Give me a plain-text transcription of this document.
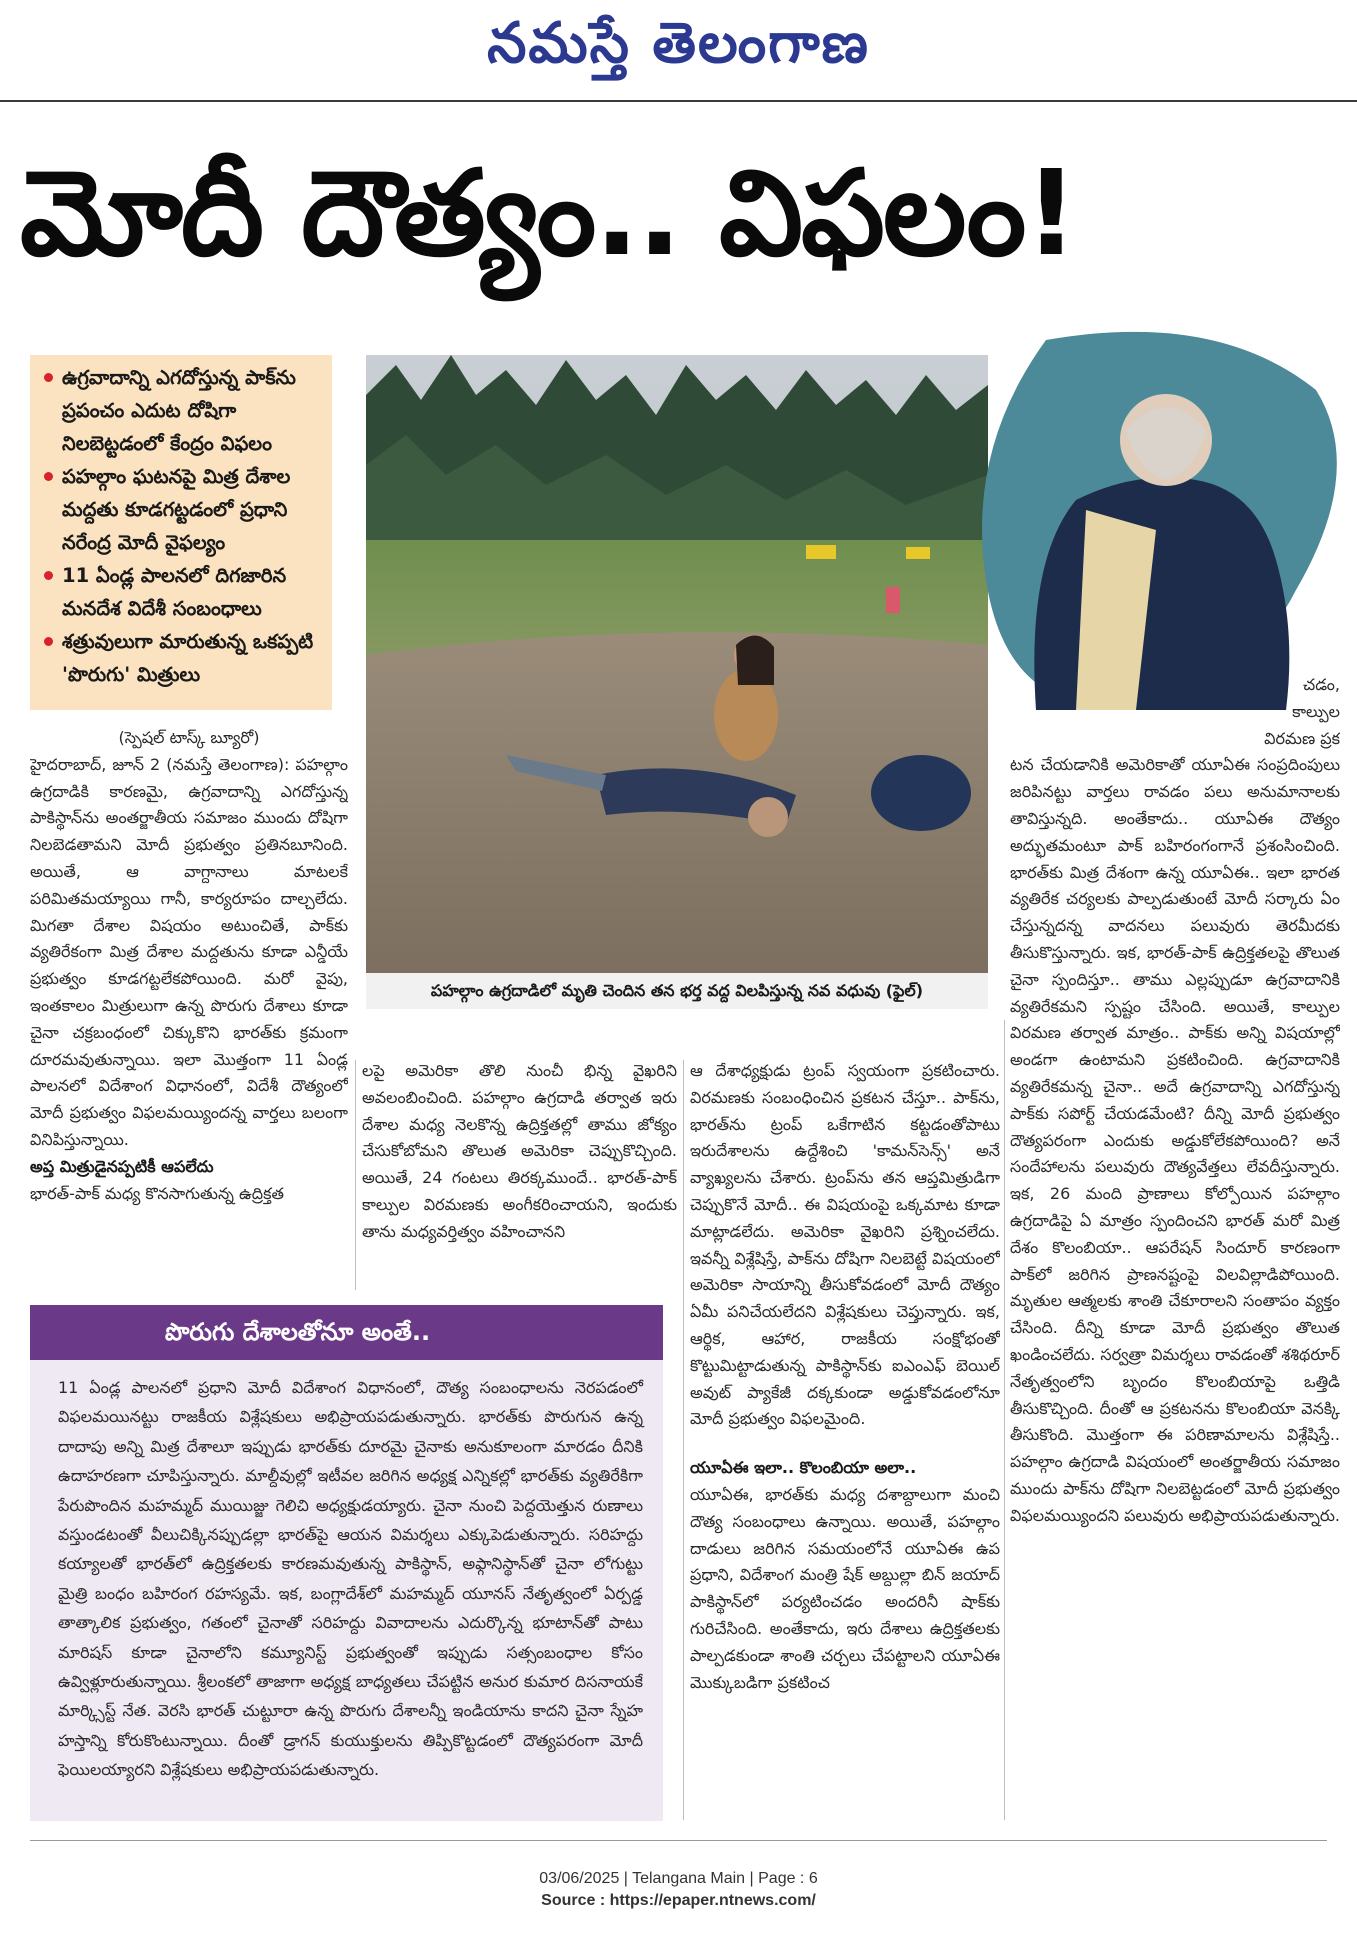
నమస్తే తెలంగాణ
మోదీ దౌత్యం.. విఫలం!
ఉగ్రవాదాన్ని ఎగదోస్తున్న పాక్‌ను ప్రపంచం ఎదుట దోషిగా నిలబెట్టడంలో కేంద్రం విఫలం
పహల్గాం ఘటనపై మిత్ర దేశాల మద్దతు కూడగట్టడంలో ప్రధాని నరేంద్ర మోదీ వైఫల్యం
11 ఏండ్ల పాలనలో దిగజారిన మనదేశ విదేశీ సంబంధాలు
శత్రువులుగా మారుతున్న ఒకప్పటి 'పొరుగు' మిత్రులు
పహల్గాం ఉగ్రదాడిలో మృతి చెందిన తన భర్త వద్ద విలపిస్తున్న నవ వధువు (ఫైల్)

(స్పెషల్ టాస్క్ బ్యూరో)

హైదరాబాద్, జూన్ 2 (నమస్తే తెలంగాణ): పహల్గాం ఉగ్రదాడికి కారణమై, ఉగ్రవాదాన్ని ఎగదోస్తున్న పాకిస్థాన్‌ను అంతర్జాతీయ సమాజం ముందు దోషిగా నిలబెడతామని మోదీ ప్రభుత్వం ప్రతినబూనింది. అయితే, ఆ వాగ్దానాలు మాటలకే పరిమితమయ్యాయి గానీ, కార్యరూపం దాల్చలేదు. మిగతా దేశాల విషయం అటుంచితే, పాక్‌కు వ్యతిరేకంగా మిత్ర దేశాల మద్దతును కూడా ఎన్డీయే ప్రభుత్వం కూడగట్టలేకపోయింది. మరో వైపు, ఇంతకాలం మిత్రులుగా ఉన్న పొరుగు దేశాలు కూడా చైనా చక్రబంధంలో చిక్కుకొని భారత్‌కు క్రమంగా దూరమవుతున్నాయి. ఇలా మొత్తంగా 11 ఏండ్ల పాలనలో విదేశాంగ విధానంలో, విదేశీ దౌత్యంలో మోదీ ప్రభుత్వం విఫలమయ్యిందన్న వార్తలు బలంగా వినిపిస్తున్నాయి.

అప్త మిత్రుడైనప్పటికీ ఆపలేదు

భారత్-పాక్ మధ్య కొనసాగుతున్న ఉద్రిక్తత

లపై అమెరికా తొలి నుంచీ భిన్న వైఖరిని అవలంబించింది. పహల్గాం ఉగ్రదాడి తర్వాత ఇరు దేశాల మధ్య నెలకొన్న ఉద్రిక్తతల్లో తాము జోక్యం చేసుకోబోమని తొలుత అమెరికా చెప్పుకొచ్చింది. అయితే, 24 గంటలు తిరక్కముందే.. భారత్-పాక్ కాల్పుల విరమణకు అంగీకరించాయని, ఇందుకు తాను మధ్యవర్తిత్వం వహించానని

ఆ దేశాధ్యక్షుడు ట్రంప్ స్వయంగా ప్రకటించారు. విరమణకు సంబంధించిన ప్రకటన చేస్తూ.. పాక్‌ను, భారత్‌ను ట్రంప్ ఒకేగాటిన కట్టడంతోపాటు ఇరుదేశాలను ఉద్దేశించి 'కామన్‌సెన్స్' అనే వ్యాఖ్యలను చేశారు. ట్రంప్‌ను తన ఆప్తమిత్రుడిగా చెప్పుకొనే మోదీ.. ఈ విషయంపై ఒక్కమాట కూడా మాట్లాడలేదు. అమెరికా వైఖరిని ప్రశ్నించలేదు. ఇవన్నీ విశ్లేషిస్తే, పాక్‌ను దోషిగా నిలబెట్టే విషయంలో అమెరికా సాయాన్ని తీసుకోవడంలో మోదీ దౌత్యం ఏమీ పనిచేయలేదని విశ్లేషకులు చెప్తున్నారు. ఇక, ఆర్థిక, ఆహార, రాజకీయ సంక్షోభంతో కొట్టుమిట్టాడుతున్న పాకిస్థాన్‌కు ఐఎంఎఫ్ బెయిల్ అవుట్ ప్యాకేజీ దక్కకుండా అడ్డుకోవడంలోనూ మోదీ ప్రభుత్వం విఫలమైంది.

యూఏఈ ఇలా.. కొలంబియా అలా..

యూఏఈ, భారత్‌కు మధ్య దశాబ్దాలుగా మంచి దౌత్య సంబంధాలు ఉన్నాయి. అయితే, పహల్గాం దాడులు జరిగిన సమయంలోనే యూఏఈ ఉప ప్రధాని, విదేశాంగ మంత్రి షేక్ అబ్దుల్లా బిన్ జయాద్ పాకిస్థాన్‌లో పర్యటించడం అందరినీ షాక్‌కు గురిచేసింది. అంతేకాదు, ఇరు దేశాలు ఉద్రిక్తతలకు పాల్పడకుండా శాంతి చర్చలు చేపట్టాలని యూఏఈ మొక్కుబడిగా ప్రకటించ

చడం,

కాల్పుల

విరమణ ప్రక

టన చేయడానికి అమెరికాతో యూఏఈ సంప్రదింపులు జరిపినట్టు వార్తలు రావడం పలు అనుమానాలకు తావిస్తున్నది. అంతేకాదు.. యూఏఈ దౌత్యం అద్భుతమంటూ పాక్ బహిరంగంగానే ప్రశంసించింది. భారత్‌కు మిత్ర దేశంగా ఉన్న యూఏఈ.. ఇలా భారత వ్యతిరేక చర్యలకు పాల్పడుతుంటే మోదీ సర్కారు ఏం చేస్తున్నదన్న వాదనలు పలువురు తెరమీదకు తీసుకొస్తున్నారు. ఇక, భారత్-పాక్ ఉద్రిక్తతలపై తొలుత చైనా స్పందిస్తూ.. తాము ఎల్లప్పుడూ ఉగ్రవాదానికి వ్యతిరేకమని స్పష్టం చేసింది. అయితే, కాల్పుల విరమణ తర్వాత మాత్రం.. పాక్‌కు అన్ని విషయాల్లో అండగా ఉంటామని ప్రకటించింది. ఉగ్రవాదానికి వ్యతిరేకమన్న చైనా.. అదే ఉగ్రవాదాన్ని ఎగదోస్తున్న పాక్‌కు సపోర్ట్ చేయడమేంటి? దీన్ని మోదీ ప్రభుత్వం దౌత్యపరంగా ఎందుకు అడ్డుకోలేకపోయింది? అనే సందేహాలను పలువురు దౌత్యవేత్తలు లేవదీస్తున్నారు. ఇక, 26 మంది ప్రాణాలు కోల్పోయిన పహల్గాం ఉగ్రదాడిపై ఏ మాత్రం స్పందించని భారత్ మరో మిత్ర దేశం కొలంబియా.. ఆపరేషన్ సిందూర్ కారణంగా పాక్‌లో జరిగిన ప్రాణనష్టంపై విలవిల్లాడిపోయింది. మృతుల ఆత్మలకు శాంతి చేకూరాలని సంతాపం వ్యక్తం చేసింది. దీన్ని కూడా మోదీ ప్రభుత్వం తొలుత ఖండించలేదు. సర్వత్రా విమర్శలు రావడంతో శశిథరూర్ నేతృత్వంలోని బృందం కొలంబియాపై ఒత్తిడి తీసుకొచ్చింది. దీంతో ఆ ప్రకటనను కొలంబియా వెనక్కి తీసుకొంది. మొత్తంగా ఈ పరిణామాలను విశ్లేషిస్తే.. పహల్గాం ఉగ్రదాడి విషయంలో అంతర్జాతీయ సమాజం ముందు పాక్‌ను దోషిగా నిలబెట్టడంలో మోదీ ప్రభుత్వం విఫలమయ్యిందని పలువురు అభిప్రాయపడుతున్నారు.

పొరుగు దేశాలతోనూ అంతే..
11 ఏండ్ల పాలనలో ప్రధాని మోదీ విదేశాంగ విధానంలో, దౌత్య సంబంధాలను నెరపడంలో విఫలమయినట్టు రాజకీయ విశ్లేషకులు అభిప్రాయపడుతున్నారు. భారత్‌కు పొరుగున ఉన్న దాదాపు అన్ని మిత్ర దేశాలూ ఇప్పుడు భారత్‌కు దూరమై చైనాకు అనుకూలంగా మారడం దీనికి ఉదాహరణగా చూపిస్తున్నారు. మాల్దీవుల్లో ఇటీవల జరిగిన అధ్యక్ష ఎన్నికల్లో భారత్‌కు వ్యతిరేకిగా పేరుపొందిన మహమ్మద్ ముయిజ్జు గెలిచి అధ్యక్షుడయ్యారు. చైనా నుంచి పెద్దయెత్తున రుణాలు వస్తుండటంతో వీలుచిక్కినప్పుడల్లా భారత్‌పై ఆయన విమర్శలు ఎక్కుపెడుతున్నారు. సరిహద్దు కయ్యాలతో భారత్‌లో ఉద్రిక్తతలకు కారణమవుతున్న పాకిస్థాన్, అఫ్గానిస్థాన్‌తో చైనా లోగుట్టు మైత్రి బంధం బహిరంగ రహస్యమే. ఇక, బంగ్లాదేశ్‌లో మహమ్మద్ యూనస్ నేతృత్వంలో ఏర్పడ్డ తాత్కాలిక ప్రభుత్వం, గతంలో చైనాతో సరిహద్దు వివాదాలను ఎదుర్కొన్న భూటాన్‌తో పాటు మారిషస్ కూడా చైనాలోని కమ్యూనిస్ట్ ప్రభుత్వంతో ఇప్పుడు సత్సంబంధాల కోసం ఉవ్విళ్లూరుతున్నాయి. శ్రీలంకలో తాజాగా అధ్యక్ష బాధ్యతలు చేపట్టిన అనుర కుమార దిసనాయకే మార్క్సిస్ట్ నేత. వెరసి భారత్ చుట్టూరా ఉన్న పొరుగు దేశాలన్నీ ఇండియాను కాదని చైనా స్నేహ హస్తాన్ని కోరుకొంటున్నాయి. దీంతో డ్రాగన్ కుయుక్తులను తిప్పికొట్టడంలో దౌత్యపరంగా మోదీ ఫెయిలయ్యారని విశ్లేషకులు అభిప్రాయపడుతున్నారు.
03/06/2025 | Telangana Main | Page : 6
Source : https://epaper.ntnews.com/
